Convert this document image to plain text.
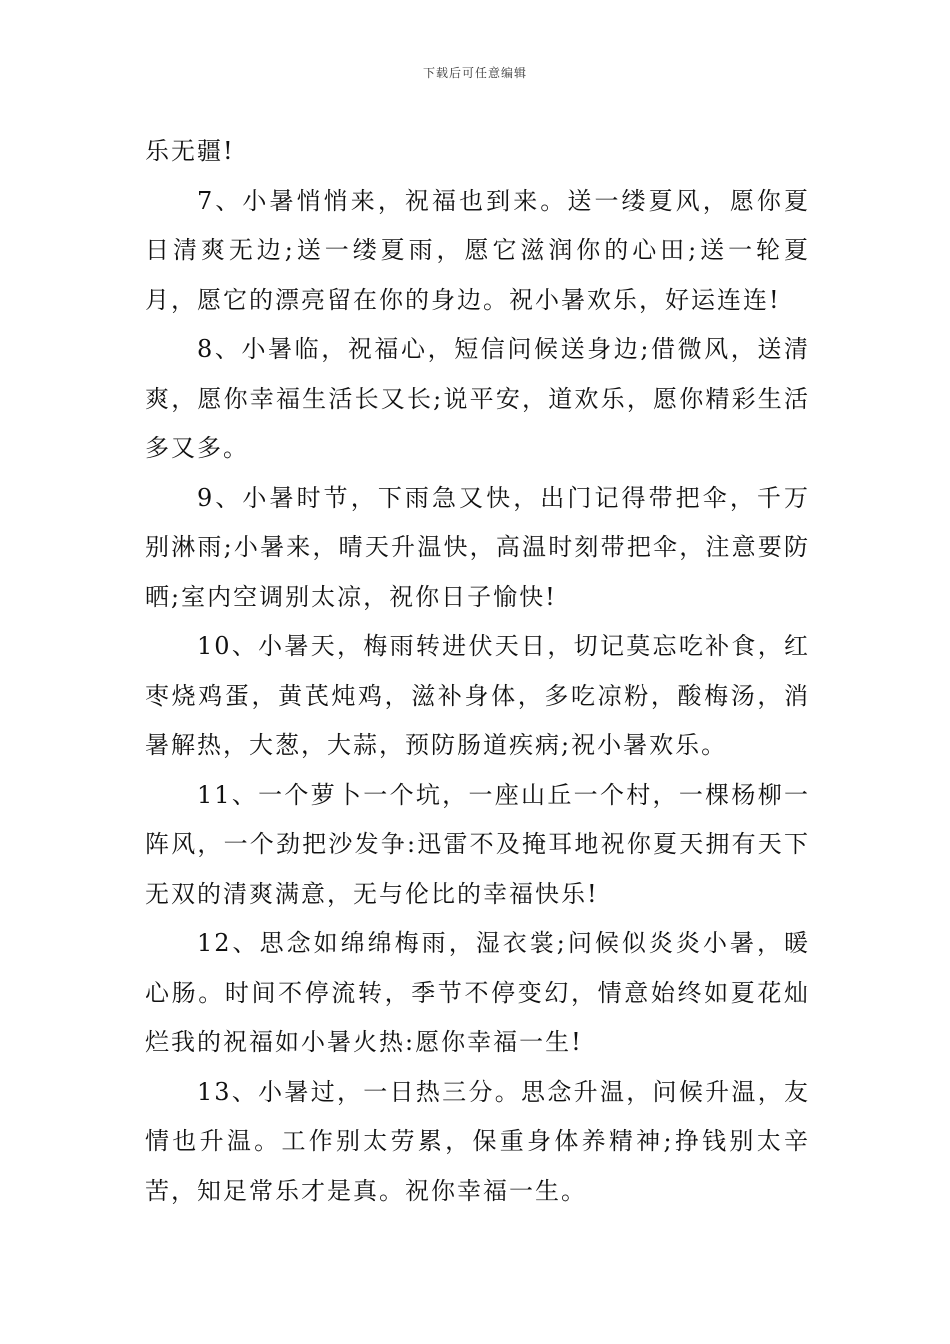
下载后可任意编辑

乐无疆!

7、小暑悄悄来，祝福也到来。送一缕夏风，愿你夏日清爽无边;送一缕夏雨，愿它滋润你的心田;送一轮夏月，愿它的漂亮留在你的身边。祝小暑欢乐，好运连连!

8、小暑临，祝福心，短信问候送身边;借微风，送清爽，愿你幸福生活长又长;说平安，道欢乐，愿你精彩生活多又多。

9、小暑时节，下雨急又快，出门记得带把伞，千万别淋雨;小暑来，晴天升温快，高温时刻带把伞，注意要防晒;室内空调别太凉，祝你日子愉快!

10、小暑天，梅雨转进伏天日，切记莫忘吃补食，红枣烧鸡蛋，黄芪炖鸡，滋补身体，多吃凉粉，酸梅汤，消暑解热，大葱，大蒜，预防肠道疾病;祝小暑欢乐。

11、一个萝卜一个坑，一座山丘一个村，一棵杨柳一阵风，一个劲把沙发争:迅雷不及掩耳地祝你夏天拥有天下无双的清爽满意，无与伦比的幸福快乐!

12、思念如绵绵梅雨，湿衣裳;问候似炎炎小暑，暖心肠。时间不停流转，季节不停变幻，情意始终如夏花灿烂我的祝福如小暑火热:愿你幸福一生!

13、小暑过，一日热三分。思念升温，问候升温，友情也升温。工作别太劳累，保重身体养精神;挣钱别太辛苦，知足常乐才是真。祝你幸福一生。
